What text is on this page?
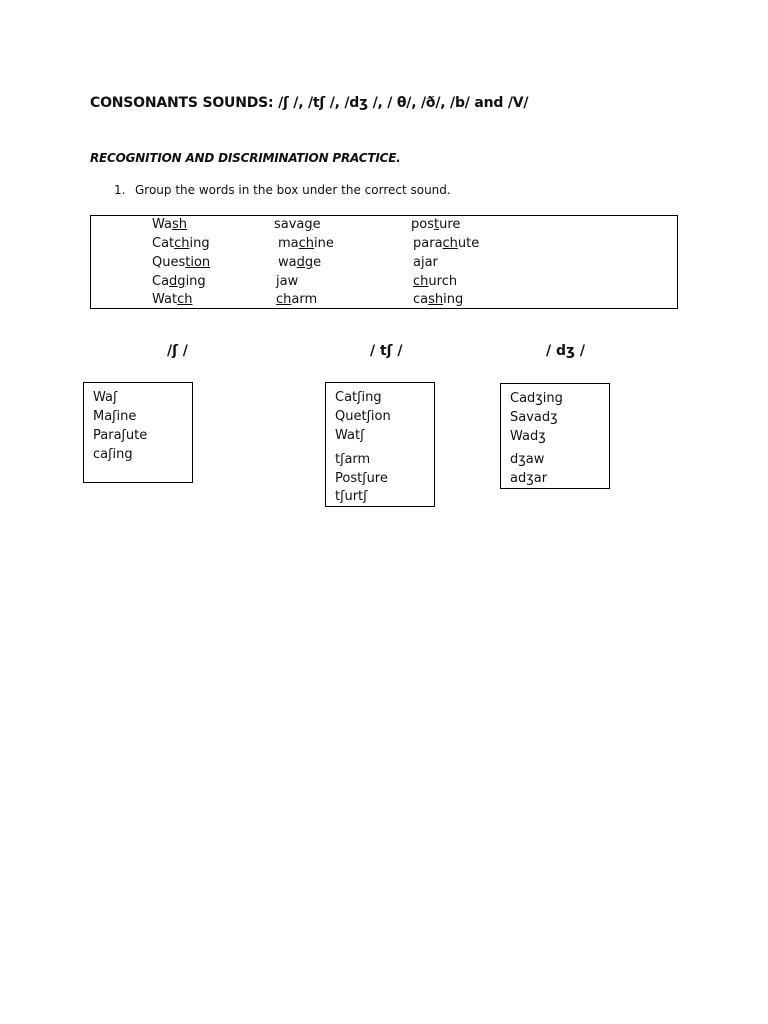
CONSONANTS SOUNDS: /ʃ /, /tʃ /, /dʒ /, / θ/, /ð/, /b/ and /V/
RECOGNITION AND DISCRIMINATION PRACTICE.
1. Group the words in the box under the correct sound.
Wash
Catching
Question
Cadging
Watch
savage
machine
wadge
jaw
charm
posture
parachute
ajar
church
cashing
/ʃ /	/ tʃ /	/ dʒ /
Waʃ
Maʃine
Paraʃute
caʃing
Catʃing
Quetʃion
Watʃ
tʃarm
Postʃure
tʃurtʃ
Cadʒing
Savadʒ
Wadʒ
dʒaw
adʒar
